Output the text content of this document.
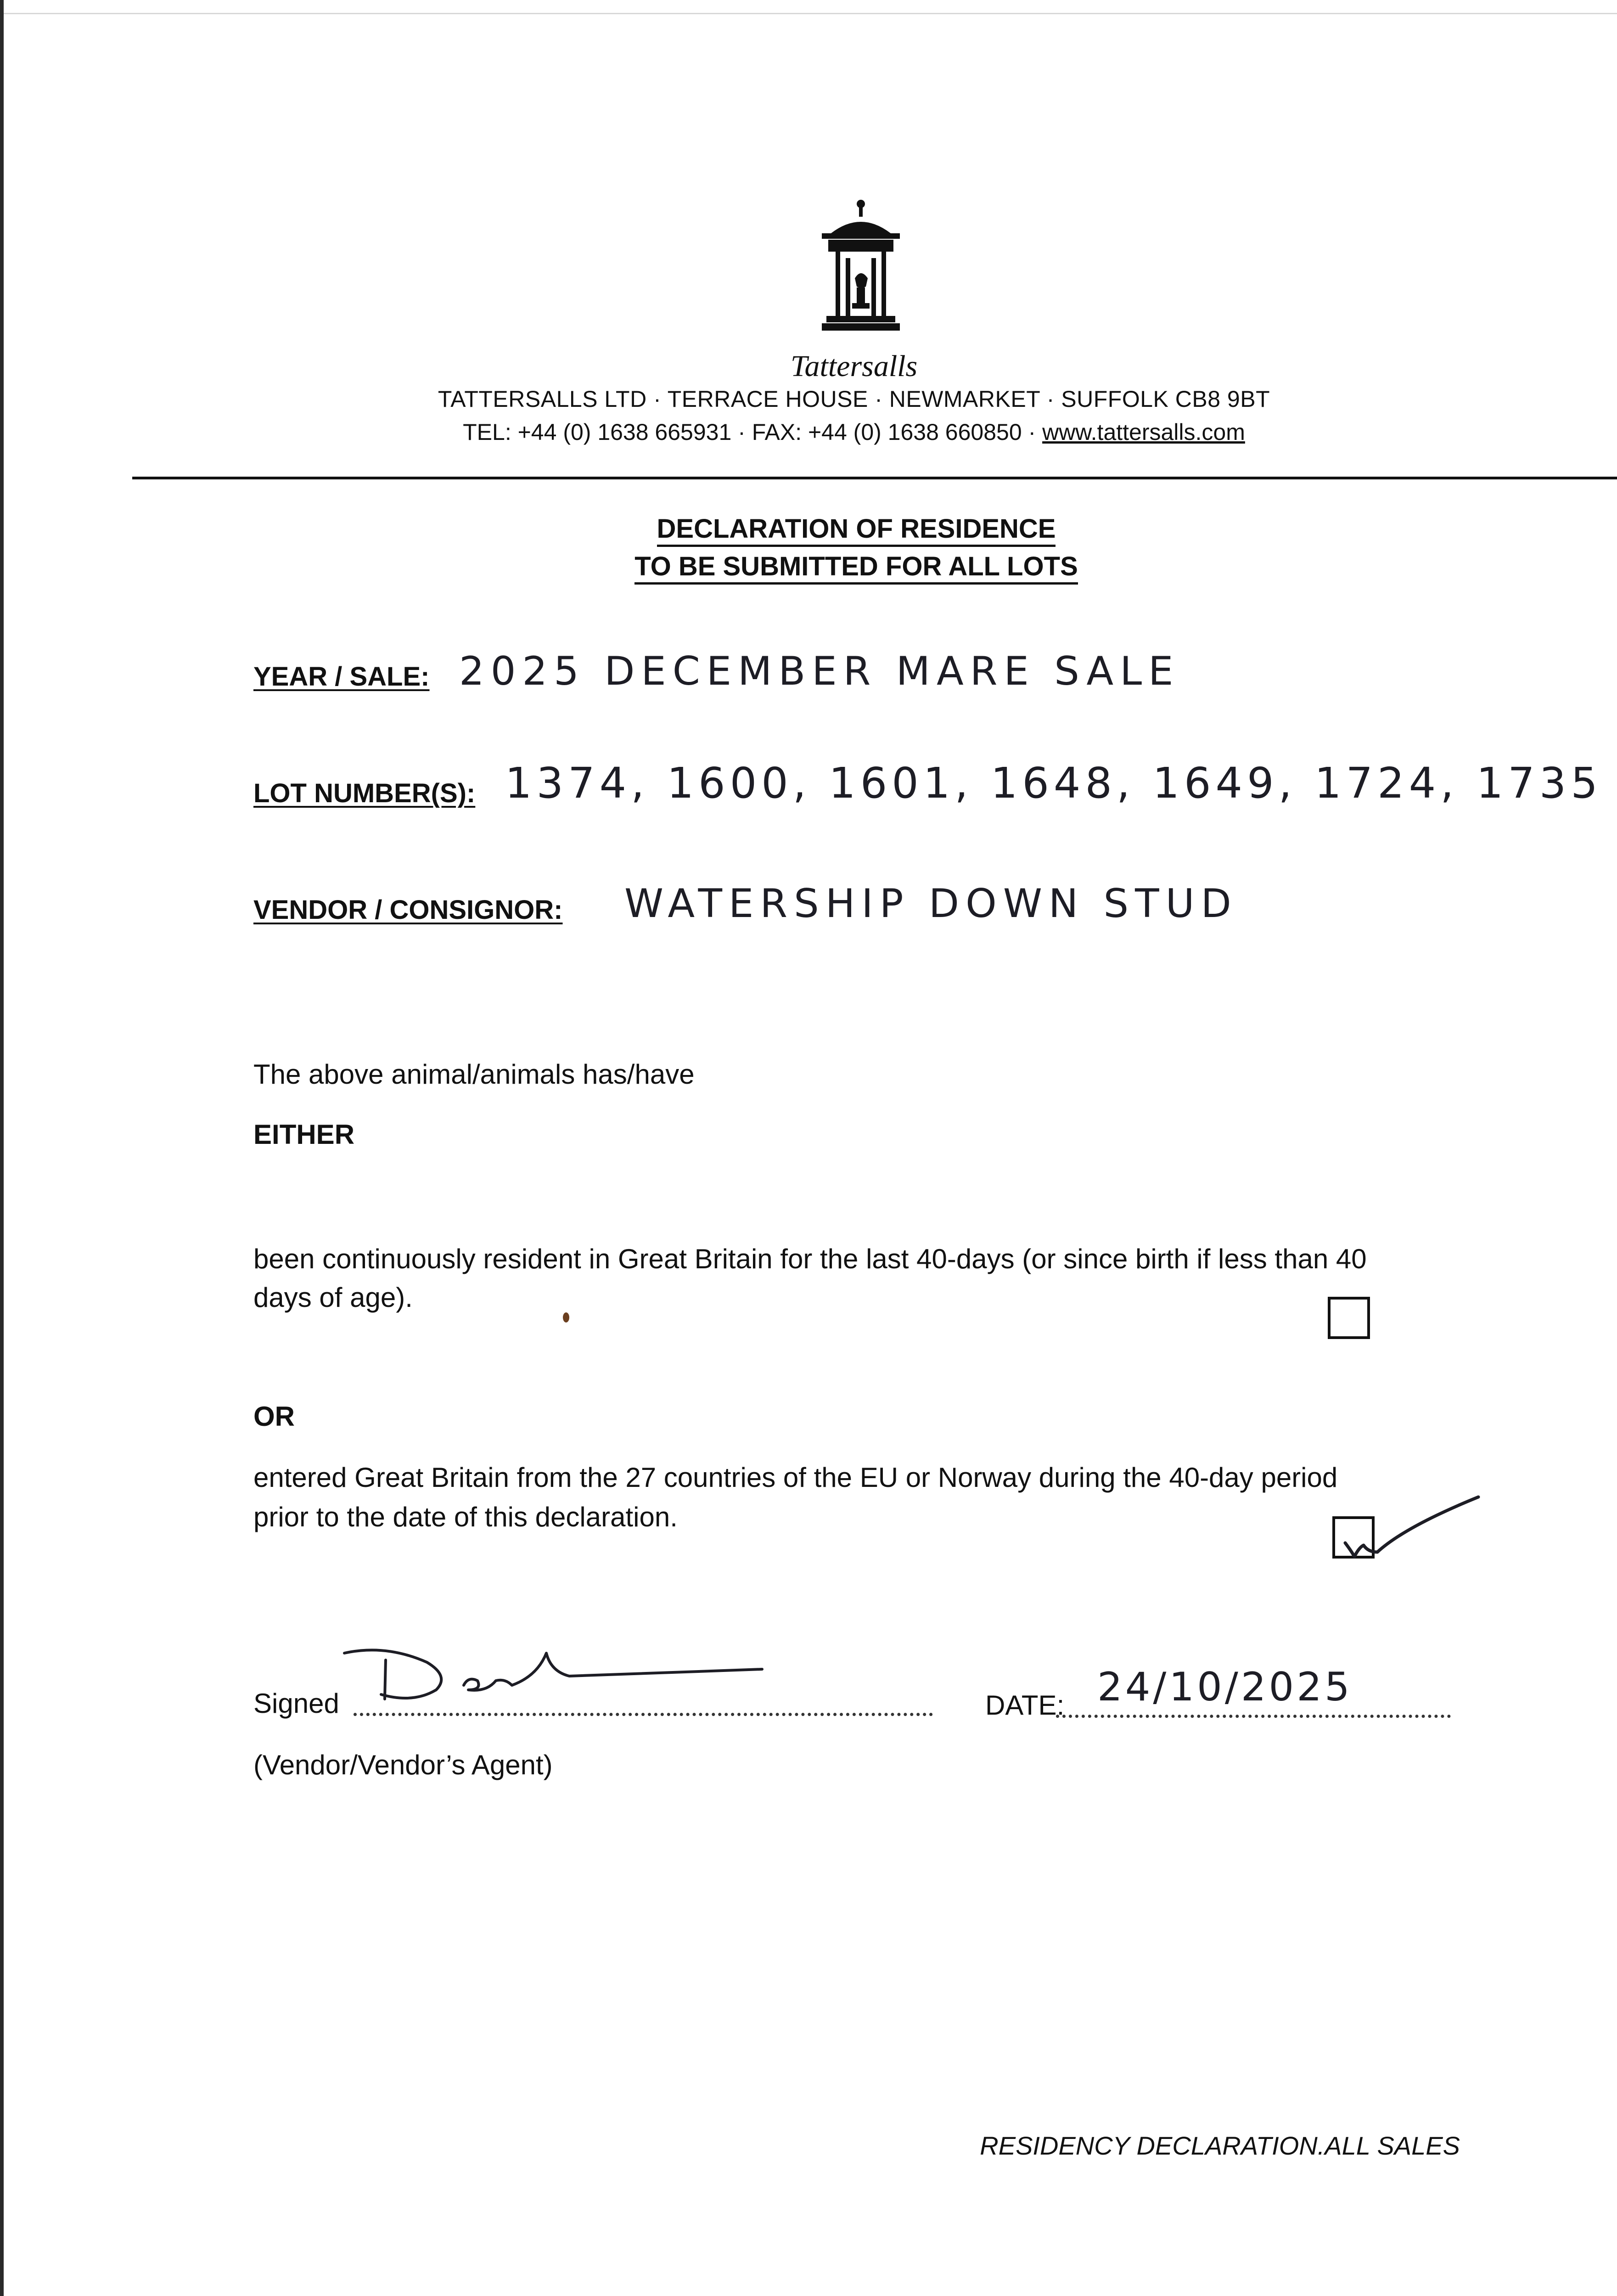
Tattersalls
TATTERSALLS LTD · TERRACE HOUSE · NEWMARKET · SUFFOLK CB8 9BT
TEL: +44 (0) 1638 665931 · FAX: +44 (0) 1638 660850 · www.tattersalls.com
DECLARATION OF RESIDENCE
TO BE SUBMITTED FOR ALL LOTS
YEAR / SALE: 2025 DECEMBER MARE SALE
LOT NUMBER(S): 1374, 1600, 1601, 1648, 1649, 1724, 1735
VENDOR / CONSIGNOR: WATERSHIP DOWN STUD
The above animal/animals has/have
EITHER
been continuously resident in Great Britain for the last 40-days (or since birth if less than 40
days of age).
OR
entered Great Britain from the 27 countries of the EU or Norway during the 40-day period
prior to the date of this declaration.
Signed	DATE: 24/10/2025
(Vendor/Vendor’s Agent)
RESIDENCY DECLARATION.ALL SALES
